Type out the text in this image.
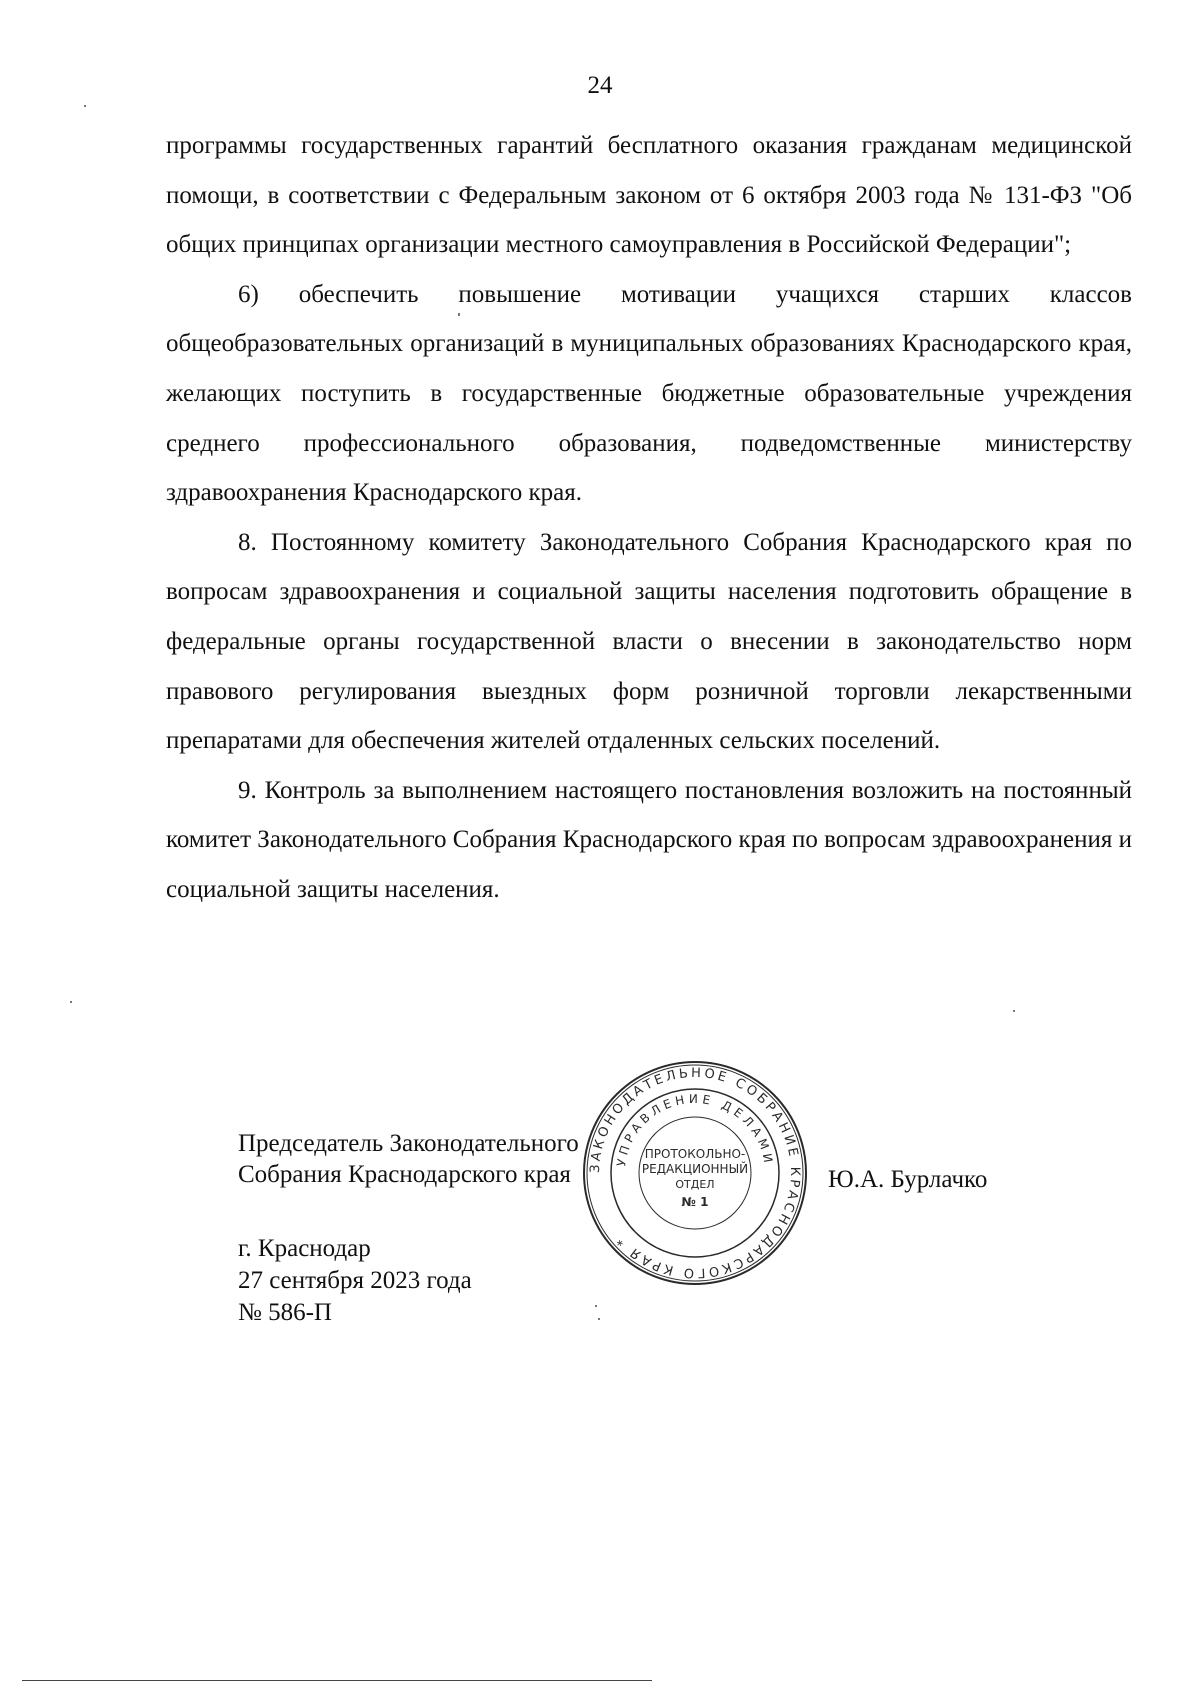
24

программы государственных гарантий бесплатного оказания гражданам медицинской помощи, в соответствии с Федеральным законом от 6 октября 2003 года № 131-ФЗ "Об общих принципах организации местного самоуправления в Российской Федерации";

6) обеспечить повышение мотивации учащихся старших классов общеобразовательных организаций в муниципальных образованиях Краснодарского края, желающих поступить в государственные бюджетные образовательные учреждения среднего профессионального образования, подведомственные министерству здравоохранения Краснодарского края.

8. Постоянному комитету Законодательного Собрания Краснодарского края по вопросам здравоохранения и социальной защиты населения подготовить обращение в федеральные органы государственной власти о внесении в законодательство норм правового регулирования выездных форм розничной торговли лекарственными препаратами для обеспечения жителей отдаленных сельских поселений.

9. Контроль за выполнением настоящего постановления возложить на постоянный комитет Законодательного Собрания Краснодарского края по вопросам здравоохранения и социальной защиты населения.

Председатель Законодательного
Собрания Краснодарского края	Ю.А. Бурлачко
г. Краснодар
27 сентября 2023 года
№ 586-П
ЗАКОНОДАТЕЛЬНОЕ СОБРАНИЕ КРАСНОДАРСКОГО КРАЯ *
УПРАВЛЕНИЕ ДЕЛАМИ
ПРОТОКОЛЬНО-
РЕДАКЦИОННЫЙ
ОТДЕЛ
№ 1
